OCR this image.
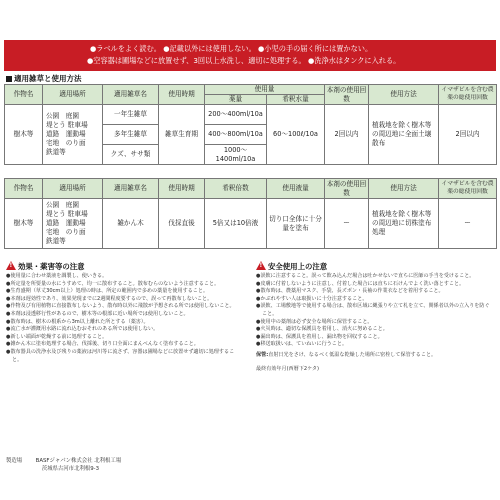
●ラベルをよく読む。 ●記載以外には使用しない。 ●小児の手の届く所には置かない。
●空容器は圃場などに放置せず、3回以上水洗し、適切に処理する。 ●洗浄水はタンクに入れる。
適用雑草と使用方法
作物名	適用場所	適用雑草名	使用時期	使用量		本剤の使用回数	使用方法	イマザピルを含む農薬の総使用回数
				薬量	希釈水量			
樹木等	公園　 庭園
堤とう 駐車場
道路　 運動場
宅地　 のり面
鉄道等	一年生雑草	雑草生育期	200～400ml/10a	60～100ℓ/10a	2回以内	植栽地を除く樹木等の周辺地に全面土壌散布	2回以内
		多年生雑草		400～800ml/10a				
		クズ、ササ類		1000～1400ml/10a				
作物名	適用場所	適用雑草名	使用時期	希釈倍数	使用液量	本剤の使用回数	使用方法	イマザピルを含む農薬の総使用回数
樹木等	公園　 庭園
堤とう 駐車場
道路　 運動場
宅地　 のり面
鉄道等	雑かん木	伐採直後	5倍又は10倍液	切り口全体に十分量を塗布	ー	植栽地を除く樹木等の周辺地に切株塗布処理	ー
!効果・薬害等の注意

●使用量に合わせ薬液を調製し、使いきる。

●所定量を所要量の水にうすめて、均一に散布すること。散布むらのないよう注意すること。

●生育盛期（草丈30cm以上）処理の時は、所定の範囲内で多めの薬量を使用すること。

●本剤は遅効性であり、効果発現までに2週間程度要するので、誤って再散布しないこと。

●作物及び有用植物に直接散布しないよう、散布時以外に飛散が予想される所では使用しないこと。

●本剤は浸透移行性があるので、樹木等の根部に近い場所では使用しないこと。

●散布時は、樹木の根系から3m以上離れた所とする（薬害）。

●流亡水が灌漑用水路に流れ込むおそれのある所では使用しない。

●新しい端面が乾燥する前に処理すること。

●雑かん木に塗布処理する場合、伐採後、切り口全面にまんべんなく塗布すること。

●散布器具の洗浄水及び残りの薬液は河川等に流さず、容器は圃場などに放置せず適切に処理すること。

!安全使用上の注意

●誤飲に注意すること。誤って飲み込んだ場合は吐かせないで直ちに医師の手当を受けること。

●皮膚に付着しないように注意し、付着した場合には直ちに石けんでよく洗い落とすこと。

●散布時は、農薬用マスク、手袋、長ズボン・長袖の作業衣などを着用すること。

●かぶれやすい人は取扱いに十分注意すること。

●誤飲、工場敷地等で使用する場合は、散布区域に縄張りや立て札を立て、関係者以外の立入りを防ぐこと。

●使用中の薬剤は必ず安全な場所に保管すること。

●火災時は、適切な保護具を着用し、消火に努めること。

●漏出時は、保護具を着用し、漏出物を回収すること。

●移送取扱いは、ていねいに行うこと。

保管:直射日光をさけ、なるべく低温な乾燥した場所に密栓して保管すること。

最終有効年月(西暦下2ケタ)

製造場 BASFジャパン株式会社 北利根工場
茨城県古河市北利根9-3
